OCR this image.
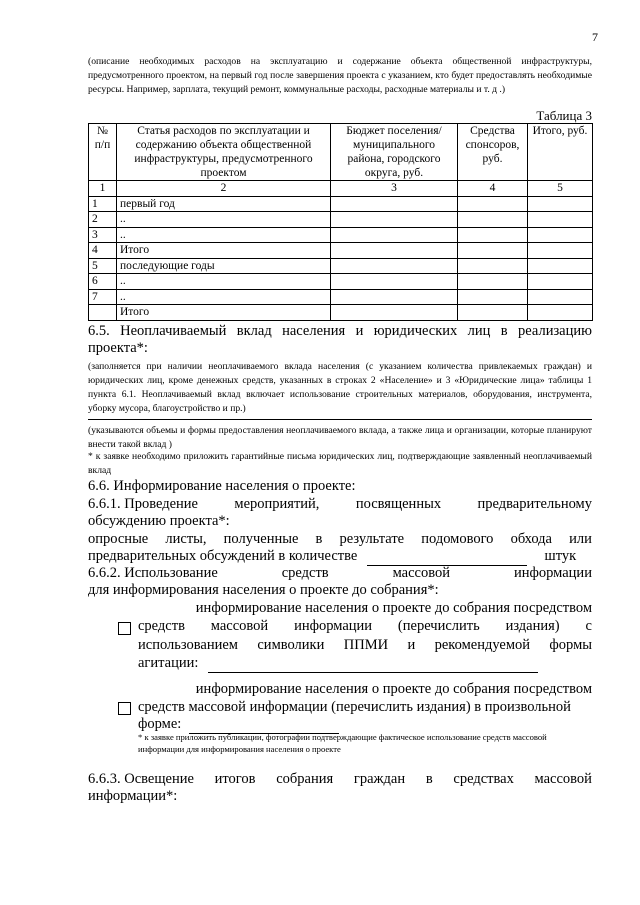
7
(описание необходимых расходов на эксплуатацию и содержание объекта общественной инфраструктуры, предусмотренного проектом, на первый год после завершения проекта с указанием, кто будет предоставлять необходимые ресурсы. Например, зарплата, текущий ремонт, коммунальные расходы, расходные материалы и т. д .)
Таблица 3
№ п/п	Статья расходов по эксплуатации и содержанию объекта общественной инфраструктуры, предусмотренного проектом	Бюджет поселения/ муниципального района, городского округа, руб.	Средства спонсоров, руб.	Итого, руб.
1	2	3	4	5
1	первый год			
2	..			
3	..			
4	Итого			
5	последующие годы			
6	..			
7	..			
	Итого			
6.5. Неоплачиваемый вклад населения и юридических лиц в реализацию
проекта*:
(заполняется при наличии неоплачиваемого вклада населения (с указанием количества привлекаемых граждан) и юридических лиц, кроме денежных средств, указанных в строках 2 «Население» и 3 «Юридические лица» таблицы 1 пункта 6.1. Неоплачиваемый вклад включает использование строительных материалов, оборудования, инструмента, уборку мусора, благоустройство и пр.)
(указываются объемы и формы предоставления неоплачиваемого вклада, а также лица и организации, которые планируют внести такой вклад )
* к заявке необходимо приложить гарантийные письма юридических лиц, подтверждающие заявленный неоплачиваемый вклад
6.6. Информирование населения о проекте:
6.6.1. Проведение	мероприятий,	посвященных	предварительному
обсуждению проекта*:
опросные листы, полученные в результате подомового обхода или
предварительных обсуждений в количестве	штук
6.6.2. Использование	средств	массовой	информации
для информирования населения о проекте до собрания*:
информирование населения о проекте до собрания посредством
средств массовой информации (перечислить издания) с
использованием символики ППМИ и рекомендуемой формы
агитации:
информирование населения о проекте до собрания посредством
средств массовой информации (перечислить издания) в произвольной
форме:
* к заявке приложить публикации, фотографии подтверждающие фактическое использование средств массовой информации для информирования населения о проекте
6.6.3. Освещение итогов собрания граждан в средствах массовой
информации*:
